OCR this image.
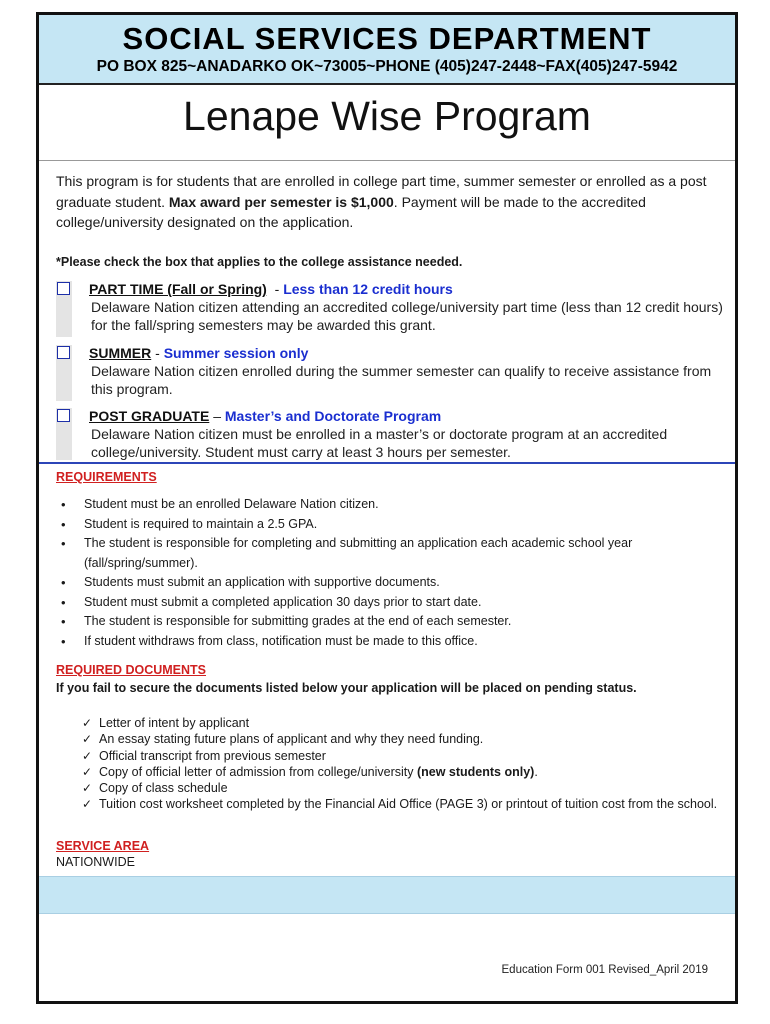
SOCIAL SERVICES DEPARTMENT
PO BOX 825~ANADARKO OK~73005~PHONE (405)247-2448~FAX(405)247-5942
Lenape Wise Program
This program is for students that are enrolled in college part time, summer semester or enrolled as a post graduate student. Max award per semester is $1,000. Payment will be made to the accredited college/university designated on the application.
*Please check the box that applies to the college assistance needed.
PART TIME (Fall or Spring)  - Less than 12 credit hours
Delaware Nation citizen attending an accredited college/university part time (less than 12 credit hours) for the fall/spring semesters may be awarded this grant.
SUMMER - Summer session only
Delaware Nation citizen enrolled during the summer semester can qualify to receive assistance from this program.
POST GRADUATE – Master’s and Doctorate Program
Delaware Nation citizen must be enrolled in a master’s or doctorate program at an accredited college/university. Student must carry at least 3 hours per semester.
REQUIREMENTS
• Student must be an enrolled Delaware Nation citizen.
• Student is required to maintain a 2.5 GPA.
• The student is responsible for completing and submitting an application each academic school year (fall/spring/summer).
• Students must submit an application with supportive documents.
• Student must submit a completed application 30 days prior to start date.
• The student is responsible for submitting grades at the end of each semester.
• If student withdraws from class, notification must be made to this office.
REQUIRED DOCUMENTS
If you fail to secure the documents listed below your application will be placed on pending status.
✓ Letter of intent by applicant
✓ An essay stating future plans of applicant and why they need funding.
✓ Official transcript from previous semester
✓ Copy of official letter of admission from college/university (new students only).
✓ Copy of class schedule
✓ Tuition cost worksheet completed by the Financial Aid Office (PAGE 3) or printout of tuition cost from the school.
SERVICE AREA
NATIONWIDE
Education Form 001 Revised_April 2019
